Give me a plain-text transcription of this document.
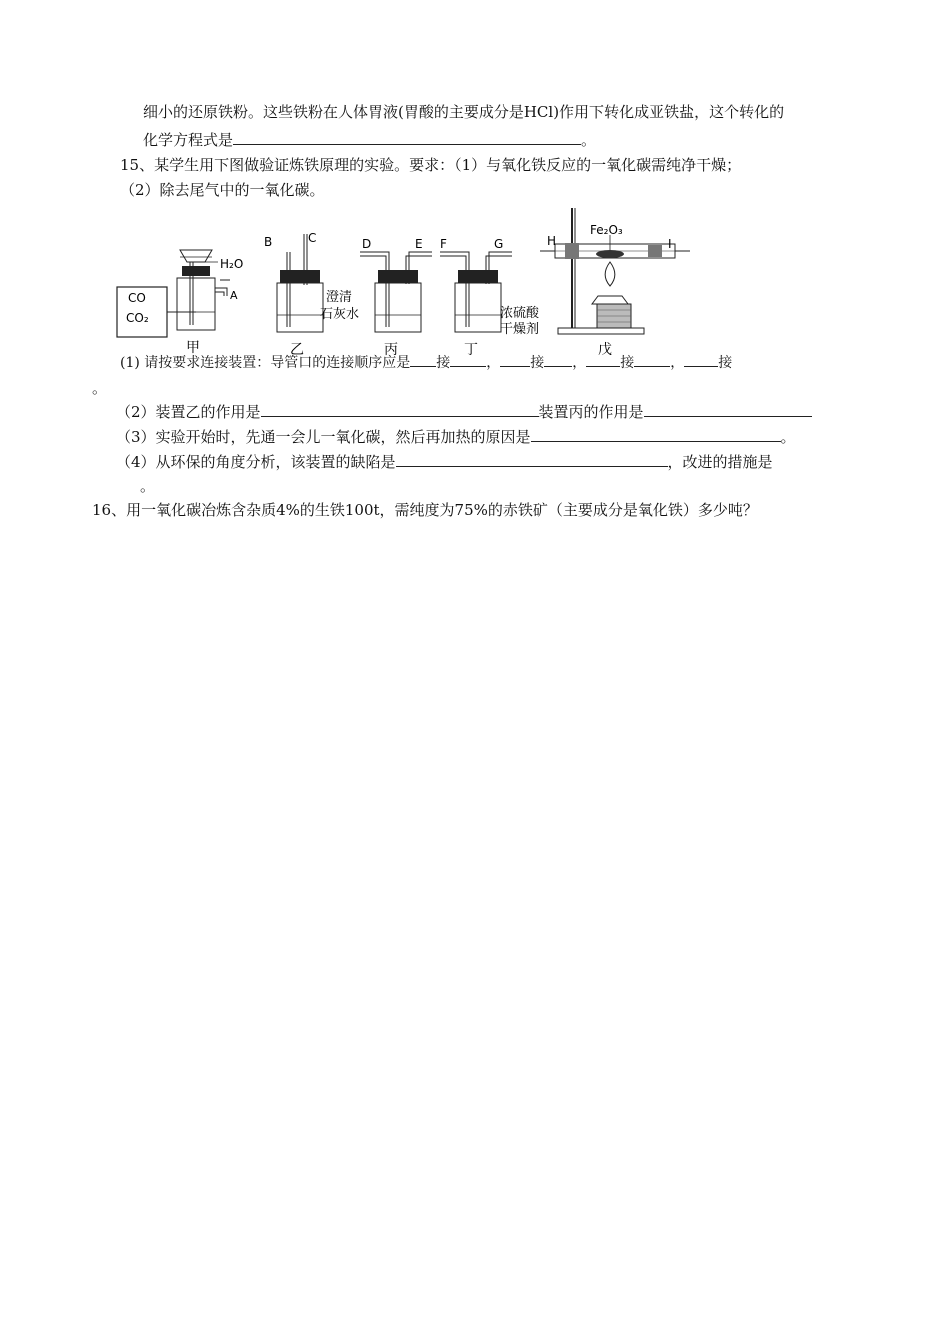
细小的还原铁粉。这些铁粉在人体胃液(胃酸的主要成分是HCl)作用下转化成亚铁盐，这个转化的
化学方程式是	。
15、某学生用下图做验证炼铁原理的实验。要求：（1）与氧化铁反应的一氧化碳需纯净干燥；
（2）除去尾气中的一氧化碳。
CO
CO₂
H₂O
A
B	C
澄清
石灰水
D	E F	G
浓硫酸
干燥剂
Fe₂O₃
H	I
甲	乙	丙	丁	戊
(1) 请按要求连接装置：导管口的连接顺序应是 接	， 接 ， 接	， 接
。
（2）装置乙的作用是	装置丙的作用是
（3）实验开始时，先通一会儿一氧化碳，然后再加热的原因是	。
（4）从环保的角度分析，该装置的缺陷是	，改进的措施是
。
16、用一氧化碳冶炼含杂质4%的生铁100t，需纯度为75%的赤铁矿（主要成分是氧化铁）多少吨？
